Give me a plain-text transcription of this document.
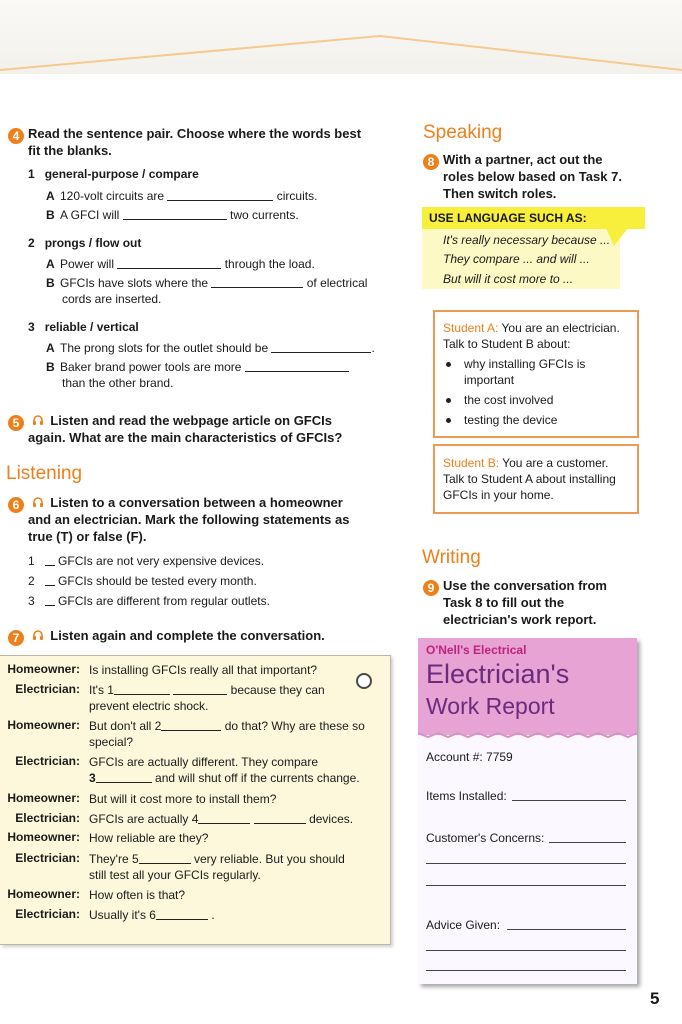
4 Read the sentence pair. Choose where the words best
fit the blanks.
1 general-purpose / compare
A 120-volt circuits are	circuits.
B A GFCI will	two currents.
2 prongs / flow out
A Power will	through the load.
B GFCIs have slots where the	of electrical
cords are inserted.
3 reliable / vertical
A The prong slots for the outlet should be	.
B Baker brand power tools are more
than the other brand.
5 Listen and read the webpage article on GFCIs
again. What are the main characteristics of GFCIs?
Listening
6 Listen to a conversation between a homeowner
and an electrician. Mark the following statements as
true (T) or false (F).
1 GFCIs are not very expensive devices.
2 GFCIs should be tested every month.
3 GFCIs are different from regular outlets.
7 Listen again and complete the conversation.
Homeowner: Is installing GFCIs really all that important?
Electrician: It's 1	because they can
prevent electric shock.
Homeowner: But don't all 2	do that? Why are these so
special?
Electrician: GFCIs are actually different. They compare
3	and will shut off if the currents change.
Homeowner: But will it cost more to install them?
Electrician: GFCIs are actually 4	devices.
Homeowner: How reliable are they?
Electrician: They're 5	very reliable. But you should
still test all your GFCIs regularly.
Homeowner: How often is that?
Electrician: Usually it's 6	.
Speaking
8 With a partner, act out the
roles below based on Task 7.
Then switch roles.
USE LANGUAGE SUCH AS:
It's really necessary because ...
They compare ... and will ...
But will it cost more to ...
Student A: You are an electrician.
Talk to Student B about:
why installing GFCIs is
important
the cost involved
testing the device
Student B: You are a customer.
Talk to Student A about installing
GFCIs in your home.
Writing
9 Use the conversation from
Task 8 to fill out the
electrician's work report.
O'Nell's Electrical
Electrician's
Work Report
Account #: 7759
Items Installed:
Customer's Concerns:
Advice Given:
5
